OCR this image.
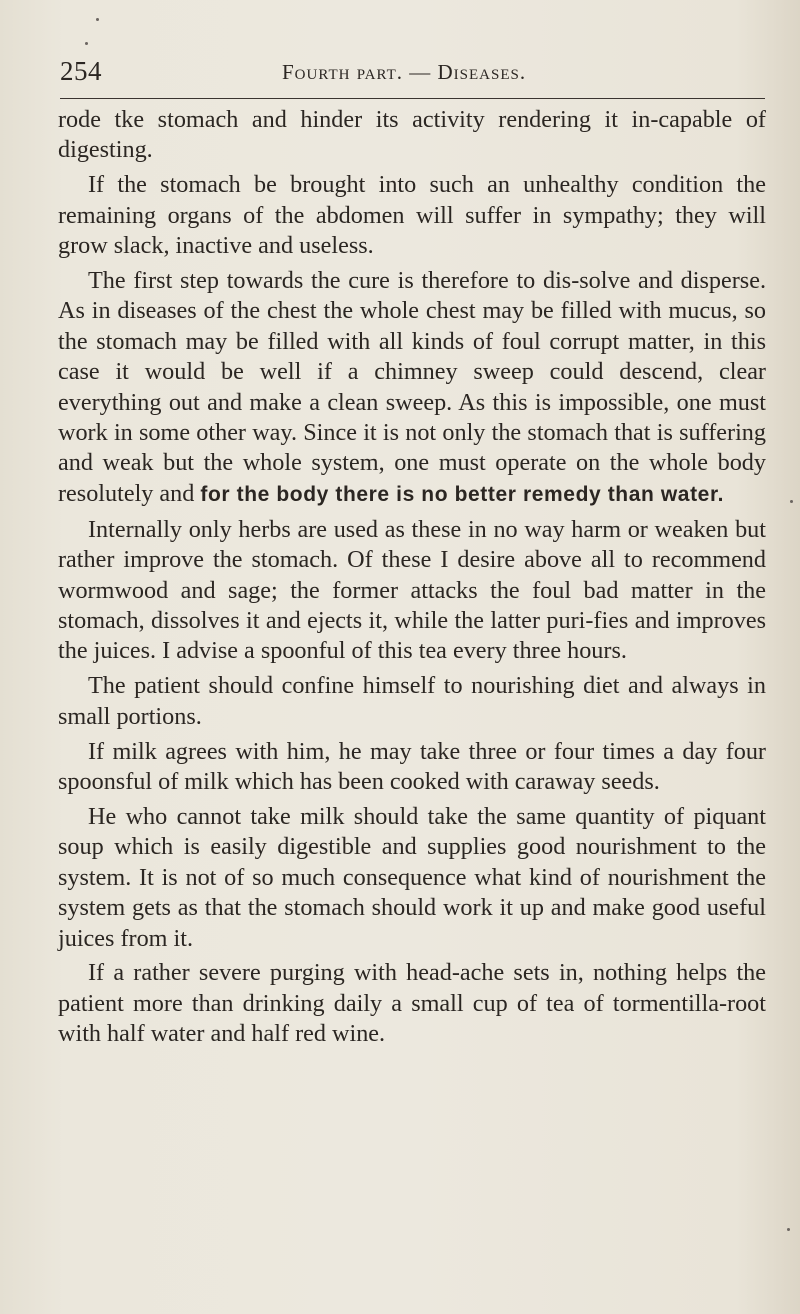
254	Fourth part. — Diseases.

rode tke stomach and hinder its activity rendering it in-capable of digesting.

If the stomach be brought into such an unhealthy condition the remaining organs of the abdomen will suffer in sympathy; they will grow slack, inactive and useless.

The first step towards the cure is therefore to dis-solve and disperse. As in diseases of the chest the whole chest may be filled with mucus, so the stomach may be filled with all kinds of foul corrupt matter, in this case it would be well if a chimney sweep could descend, clear everything out and make a clean sweep. As this is impossible, one must work in some other way. Since it is not only the stomach that is suffering and weak but the whole system, one must operate on the whole body resolutely and for the body there is no better remedy than water.

Internally only herbs are used as these in no way harm or weaken but rather improve the stomach. Of these I desire above all to recommend wormwood and sage; the former attacks the foul bad matter in the stomach, dissolves it and ejects it, while the latter puri-fies and improves the juices. I advise a spoonful of this tea every three hours.

The patient should confine himself to nourishing diet and always in small portions.

If milk agrees with him, he may take three or four times a day four spoonsful of milk which has been cooked with caraway seeds.

He who cannot take milk should take the same quantity of piquant soup which is easily digestible and supplies good nourishment to the system. It is not of so much consequence what kind of nourishment the system gets as that the stomach should work it up and make good useful juices from it.

If a rather severe purging with head-ache sets in, nothing helps the patient more than drinking daily a small cup of tea of tormentilla-root with half water and half red wine.
